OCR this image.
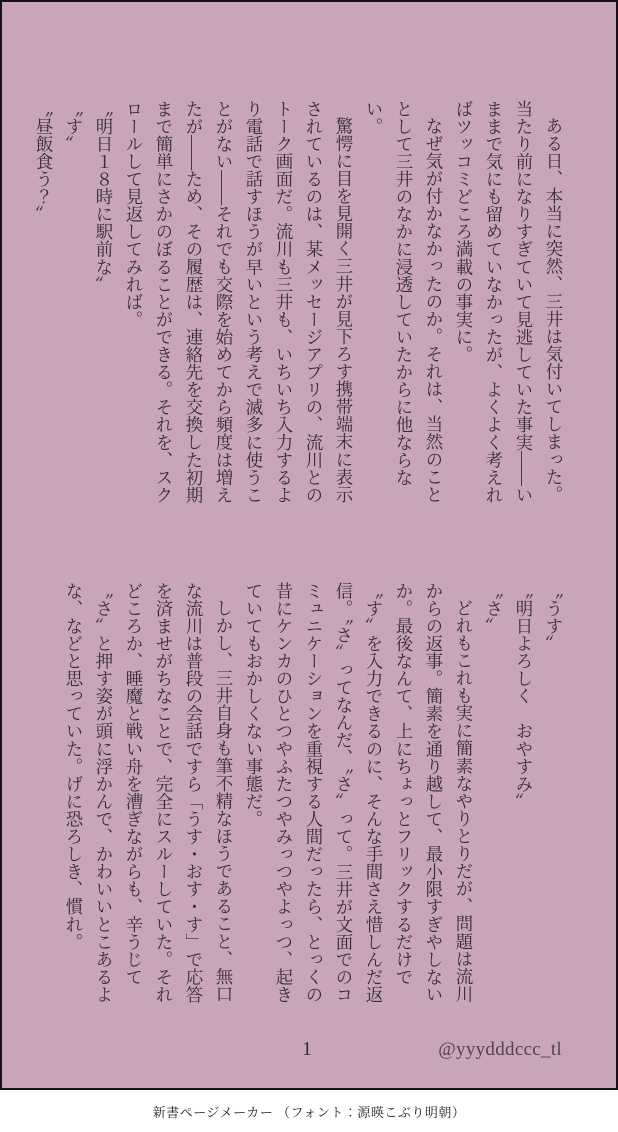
ある日、本当に突然、三井は気付いてしまった。当たり前になりすぎていて見逃していた事実――いままで気にも留めていなかったが、よくよく考えればツッコミどころ満載の事実に。

なぜ気が付かなかったのか。それは、当然のこととして三井のなかに浸透していたからに他ならない。

驚愕に目を見開く三井が見下ろす携帯端末に表示されているのは、某メッセージアプリの、流川とのトーク画面だ。流川も三井も、いちいち入力するより電話で話すほうが早いという考えで滅多に使うことがない――それでも交際を始めてから頻度は増えたが――ため、その履歴は、連絡先を交換した初期まで簡単にさかのぼることができる。それを、スクロールして見返してみれば。

〝明日１８時に駅前な〟

〝す〟

〝昼飯食う？〟

〝うす〟

〝明日よろしく　おやすみ〟

〝さ〟

どれもこれも実に簡素なやりとりだが、問題は流川からの返事。簡素を通り越して、最小限すぎやしないか。最後なんて、上にちょっとフリックするだけで〝す〟を入力できるのに、そんな手間さえ惜しんだ返信。〝さ〟ってなんだ、〝さ〟って。三井が文面でのコミュニケーションを重視する人間だったら、とっくの昔にケンカのひとつやふたつやみっつやよっつ、起きていてもおかしくない事態だ。

しかし、三井自身も筆不精なほうであること、無口な流川は普段の会話ですら「うす・おす・す」で応答を済ませがちなことで、完全にスルーしていた。それどころか、睡魔と戦い舟を漕ぎながらも、辛うじて〝さ〟と押す姿が頭に浮かんで、かわいいとこあるよな、などと思っていた。げに恐ろしき、慣れ。

1	@yyydddccc_tl
新書ページメーカー （フォント：源暎こぶり明朝）
